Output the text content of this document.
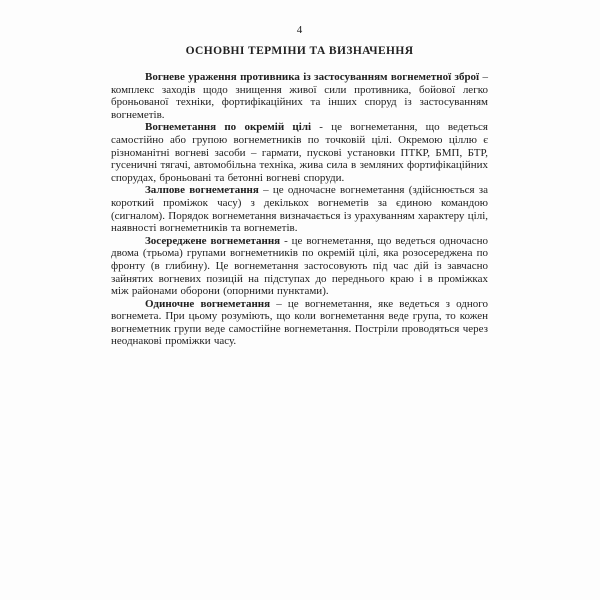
4
ОСНОВНІ ТЕРМІНИ ТА ВИЗНАЧЕННЯ

Вогневе ураження противника із застосуванням вогнеметної зброї – комплекс заходів щодо знищення живої сили противника, бойової легко броньованої техніки, фортифікаційних та інших споруд із застосуванням вогнеметів.

Вогнеметання по окремій цілі - це вогнеметання, що ведеться самостійно або групою вогнеметників по точковій цілі. Окремою ціллю є різноманітні вогневі засоби – гармати, пускові установки ПТКР, БМП, БТР, гусеничні тягачі, автомобільна техніка, жива сила в земляних фортифікаційних спорудах, броньовані та бетонні вогневі споруди.

Залпове вогнеметання – це одночасне вогнеметання (здійснюється за короткий проміжок часу) з декількох вогнеметів за єдиною командою (сигналом). Порядок вогнеметання визначається із урахуванням характеру цілі, наявності вогнеметників та вогнеметів.

Зосереджене вогнеметання - це вогнеметання, що ведеться одночасно двома (трьома) групами вогнеметників по окремій цілі, яка розосереджена по фронту (в глибину). Це вогнеметання застосовують під час дій із завчасно зайнятих вогневих позицій на підступах до переднього краю і в проміжках між районами оборони (опорними пунктами).

Одиночне вогнеметання – це вогнеметання, яке ведеться з одного вогнемета. При цьому розуміють, що коли вогнеметання веде група, то кожен вогнеметник групи веде самостійне вогнеметання. Постріли проводяться через неоднакові проміжки часу.
